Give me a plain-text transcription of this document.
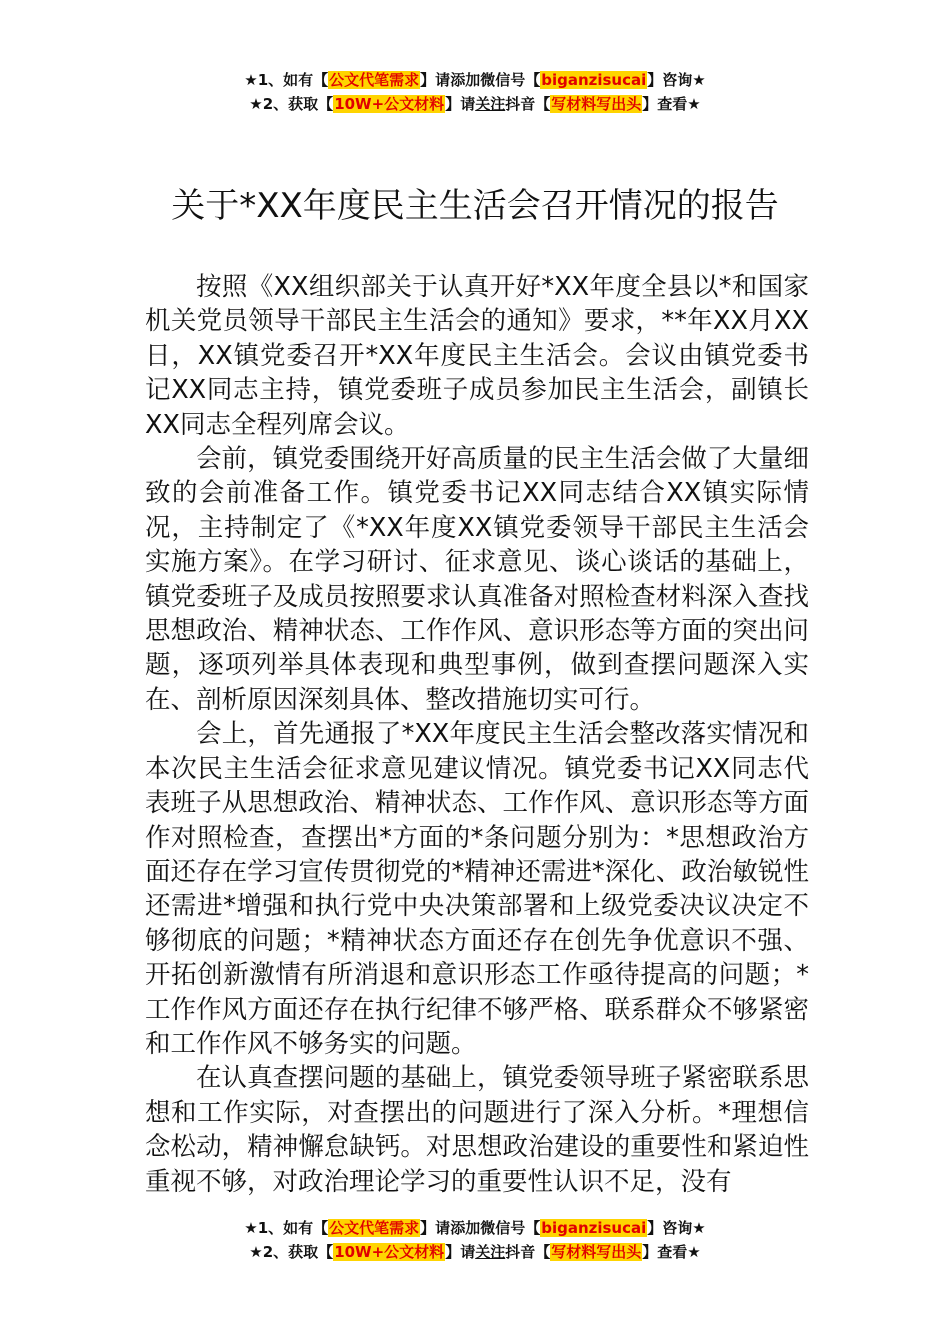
★1、如有【公文代笔需求】请添加微信号【biganzisucai】咨询★
★2、获取【10W+公文材料】请关注抖音【写材料写出头】查看★
关于*XX年度民主生活会召开情况的报告

按照《XX组织部关于认真开好*XX年度全县以*和国家机关党员领导干部民主生活会的通知》要求，**年XX月XX日，XX镇党委召开*XX年度民主生活会。会议由镇党委书记XX同志主持，镇党委班子成员参加民主生活会，副镇长XX同志全程列席会议。

会前，镇党委围绕开好高质量的民主生活会做了大量细致的会前准备工作。镇党委书记XX同志结合XX镇实际情况，主持制定了《*XX年度XX镇党委领导干部民主生活会实施方案》。在学习研讨、征求意见、谈心谈话的基础上，镇党委班子及成员按照要求认真准备对照检查材料深入查找思想政治、精神状态、工作作风、意识形态等方面的突出问题，逐项列举具体表现和典型事例，做到查摆问题深入实在、剖析原因深刻具体、整改措施切实可行。

会上，首先通报了*XX年度民主生活会整改落实情况和本次民主生活会征求意见建议情况。镇党委书记XX同志代表班子从思想政治、精神状态、工作作风、意识形态等方面作对照检查，查摆出*方面的*条问题分别为：*思想政治方面还存在学习宣传贯彻党的*精神还需进*深化、政治敏锐性还需进*增强和执行党中央决策部署和上级党委决议决定不够彻底的问题；*精神状态方面还存在创先争优意识不强、开拓创新激情有所消退和意识形态工作亟待提高的问题；*工作作风方面还存在执行纪律不够严格、联系群众不够紧密和工作作风不够务实的问题。

在认真查摆问题的基础上，镇党委领导班子紧密联系思想和工作实际，对查摆出的问题进行了深入分析。*理想信念松动，精神懈怠缺钙。对思想政治建设的重要性和紧迫性重视不够，对政治理论学习的重要性认识不足，没有

★1、如有【公文代笔需求】请添加微信号【biganzisucai】咨询★
★2、获取【10W+公文材料】请关注抖音【写材料写出头】查看★
